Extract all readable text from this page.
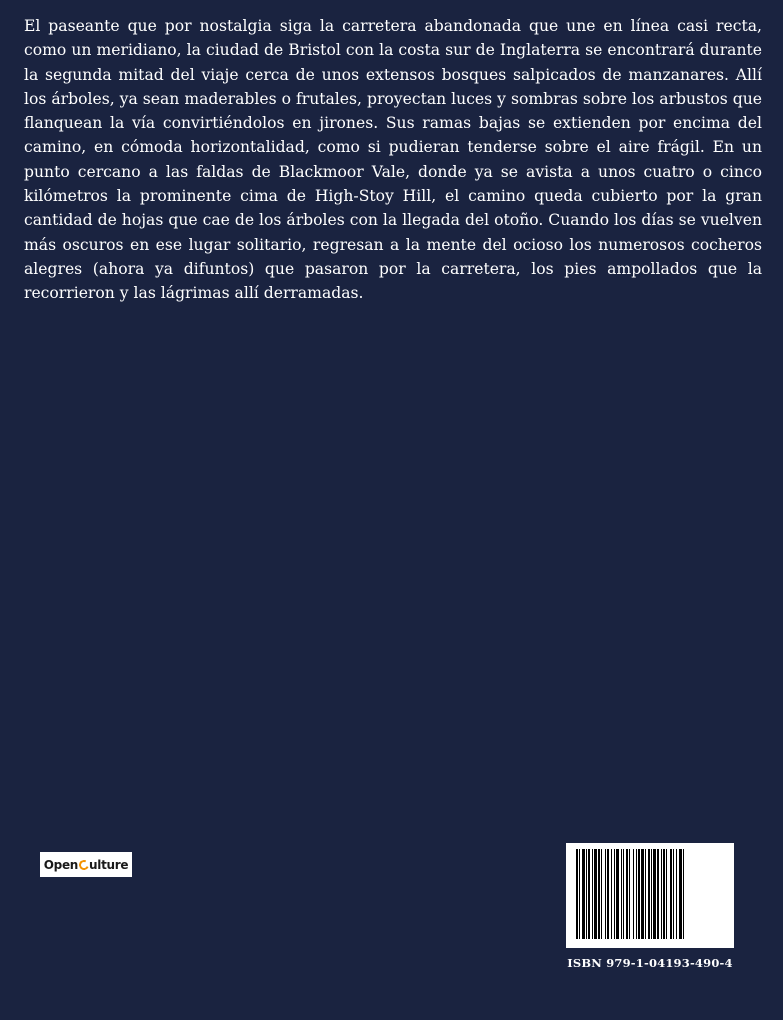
El paseante que por nostalgia siga la carretera abandonada que une en línea casi recta, como un meridiano, la ciudad de Bristol con la costa sur de Inglaterra se encontrará durante la segunda mitad del viaje cerca de unos extensos bosques salpicados de manzanares. Allí los árboles, ya sean maderables o frutales, proyectan luces y sombras sobre los arbustos que flanquean la vía convirtiéndolos en jirones. Sus ramas bajas se extienden por encima del camino, en cómoda horizontalidad, como si pudieran tenderse sobre el aire frágil. En un punto cercano a las faldas de Blackmoor Vale, donde ya se avista a unos cuatro o cinco kilómetros la prominente cima de High-Stoy Hill, el camino queda cubierto por la gran cantidad de hojas que cae de los árboles con la llegada del otoño. Cuando los días se vuelven más oscuros en ese lugar solitario, regresan a la mente del ocioso los numerosos cocheros alegres (ahora ya difuntos) que pasaron por la carretera, los pies ampollados que la recorrieron y las lágrimas allí derramadas.

Open ulture
ISBN 979-1-04193-490-4
